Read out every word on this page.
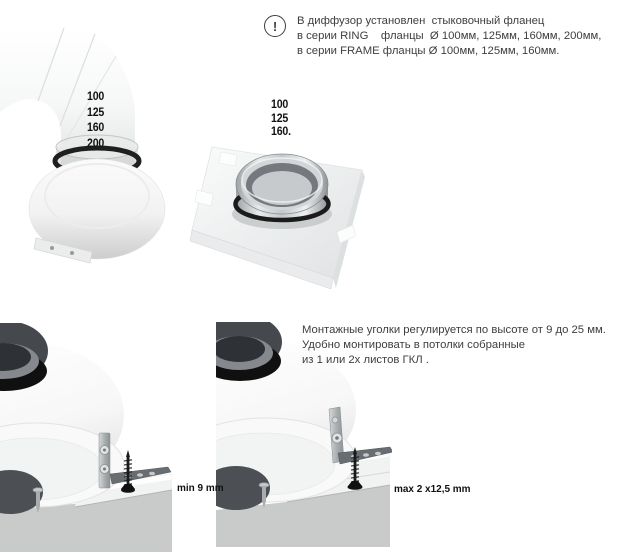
100
125
160
200
100
125
160.
!	В диффузор установлен  стыковочный фланец
в серии RING    фланцы  Ø 100мм, 125мм, 160мм, 200мм,
в серии FRAME фланцы Ø 100мм, 125мм, 160мм.
min 9 mm	max 2 x12,5 mm
Монтажные уголки регулируется по высоте от 9 до 25 мм.
Удобно монтировать в потолки собранные
из 1 или 2х листов ГКЛ .
